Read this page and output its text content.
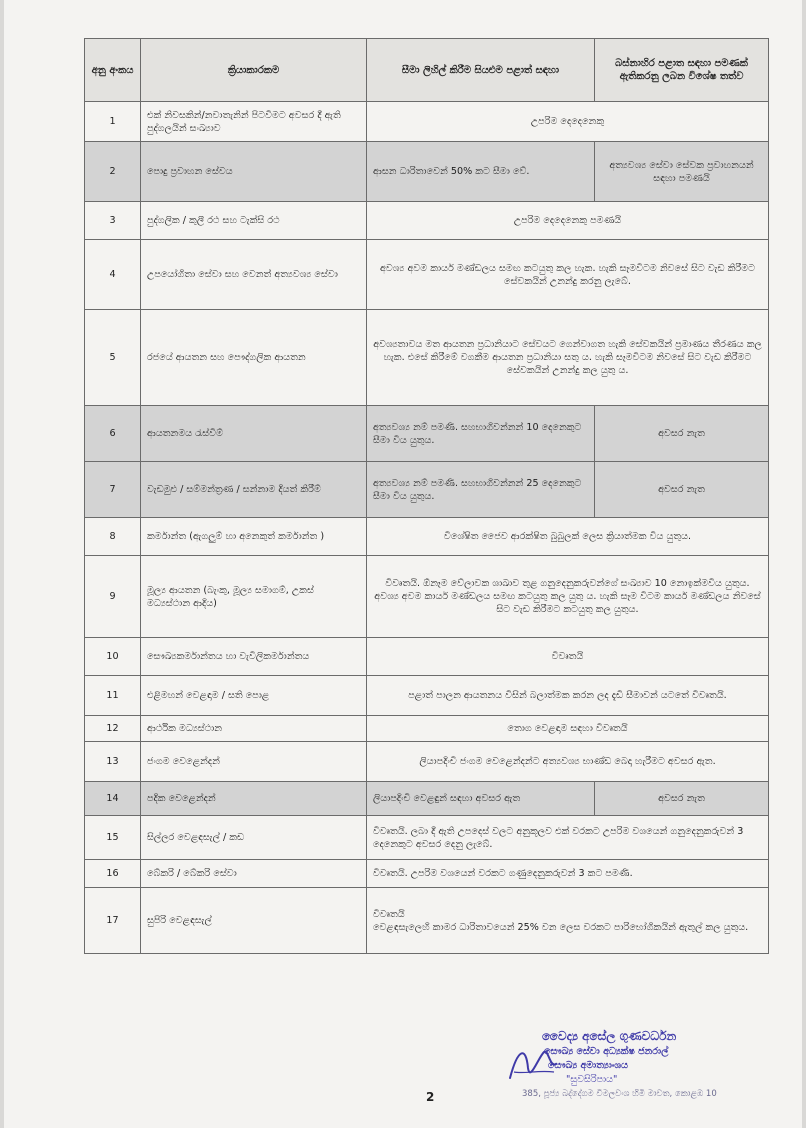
අනු අංකය	ක්‍රියාකාරකම	සීමා ලිහිල් කිරීම සියළුම පළාත් සඳහා	බස්නාහිර පළාත සඳහා පමණක් ඇතිකරනු ලබන විශේෂ තත්ව
1	එක් නිවසකින්/නවාතැනින් පිටවීමට අවසර දී ඇති පුද්ගලයින් සංඛ්‍යාව	උපරිම දෙදෙනෙකු	
2	පොදු ප්‍රවාහන සේවය	ආසන ධාරිතාවෙන් 50% කට සීමා වේ.	අත්‍යවශ්‍ය සේවා සේවක ප්‍රවාහනයන් සඳහා පමණයි
3	පුද්ගලික / කුලී රථ සහ ටැක්සි රථ	උපරිම දෙදෙනෙකු පමණයි	
4	උපයෝගිතා සේවා සහ වෙනත් අත්‍යවශ්‍ය සේවා	අවශ්‍ය අවම කාර්ය මණ්ඩලය සමඟ කටයුතු කල හැක. හැකි සෑමවිටම නිවසේ සිට වැඩ කිරීමට සේවකයින් උනන්දු කරනු ලැබේ.	
5	රජයේ ආයතන සහ පෞද්ගලික ආයතන	අවශ්‍යතාවය මත ආයතන ප්‍රධානියාට සේවයට ගෙන්වාගත හැකි සේවකයින් ප්‍රමාණය තීරණය කල හැක. එසේ කිරීමේ වගකීම ආයතන ප්‍රධානියා සතු ය. හැකි සෑමවිටම නිවසේ සිට වැඩ කිරීමට සේවකයින් උනන්දු කල යුතු ය.	
6	ආයතනමය රැස්වීම්	අත්‍යවශ්‍ය නම් පමණි. සහභාගිවන්නන් 10 දෙනෙකුට සීමා විය යුතුය.	අවසර නැත
7	වැඩමුළු / සම්මන්ත්‍රණ / සන්නාම දියත් කිරීම්	අත්‍යවශ්‍ය නම් පමණි. සහභාගිවන්නන් 25 දෙනෙකුට සීමා විය යුතුය.	අවසර නැත
8	කර්මාන්ත (ඇගලුම් හා අනෙකුත් කර්මාන්ත )	විශේෂිත ජෛව ආරක්ෂිත බුබුලක් ලෙස ක්‍රියාත්මක විය යුතුය.	
9	මූල්‍ය ආයතන (බැංකු, මූල්‍ය සමාගම්, උකස් මධ්‍යස්ථාන ආදිය)	විවෘතයි. ඕනෑම වේලාවක ශාඛාව තුළ ගනුදෙනුකරුවන්ගේ සංඛ්‍යාව 10 නොඉක්මවිය යුතුය. අවශ්‍ය අවම කාර්ය මණ්ඩලය සමඟ කටයුතු කල යුතු ය. හැකි සෑම විටම කාර්ය මණ්ඩලය නිවසේ සිට වැඩ කිරීමට කටයුතු කල යුතුය.	
10	සෞඛ්‍යකර්මාන්තය හා වැවිලිකර්මාන්තය	විවෘතයි	
11	එළිමහන් වෙළඳාම / සති පොළ	පළාත් පාලන ආයතනය විසින් බලාත්මක කරන ලද දැඩි සීමාවන් යටතේ විවෘතයි.	
12	ආර්ථික මධ්‍යස්ථාන	තොග වෙළඳාම සඳහා විවෘතයි	
13	ජංගම වෙළෙන්දන්	ලියාපදිංචි ජංගම වෙළෙන්දන්ට අත්‍යවශ්‍ය භාණ්ඩ බෙදා හැරීමට අවසර ඇත.	
14	පදික වෙළෙන්දන්	ලියාපදිංචි වෙළඳුන් සඳහා අවසර ඇත	අවසර නැත
15	සිල්ලර වෙළඳසැල් / කඩ	විවෘතයි. ලබා දී ඇති උපදෙස් වලට අනුකූලව එක් වරකට උපරිම වශයෙන් ගනුදෙනුකරුවන් 3 දෙනෙකුට අවසර දෙනු ලැබේ.	
16	බේකරි / බේකරි සේවා	විවෘතයි. උපරිම වශයෙන් වරකට ගණුදෙනුකරුවන් 3 කට පමණි.	
17	සුපිරි වෙළඳසැල්	විවෘතයි
වෙළඳසැලෙහි කාමර ධාරිතාවයෙන් 25% වන ලෙස වරකට පාරිභෝගිකයින් ඇතුල් කල යුතුය.	
2
වෛද්‍ය අසේල ගුණවර්ධන
සෞඛ්‍ය සේවා අධ්‍යක්ෂ ජනරාල්
සෞඛ්‍ය අමාත්‍යාංශය
"සුවසිරිපාය"
385, පූජ්‍ය බද්දේගම විමලවංශ හිමි මාවත, කොළඹ 10
